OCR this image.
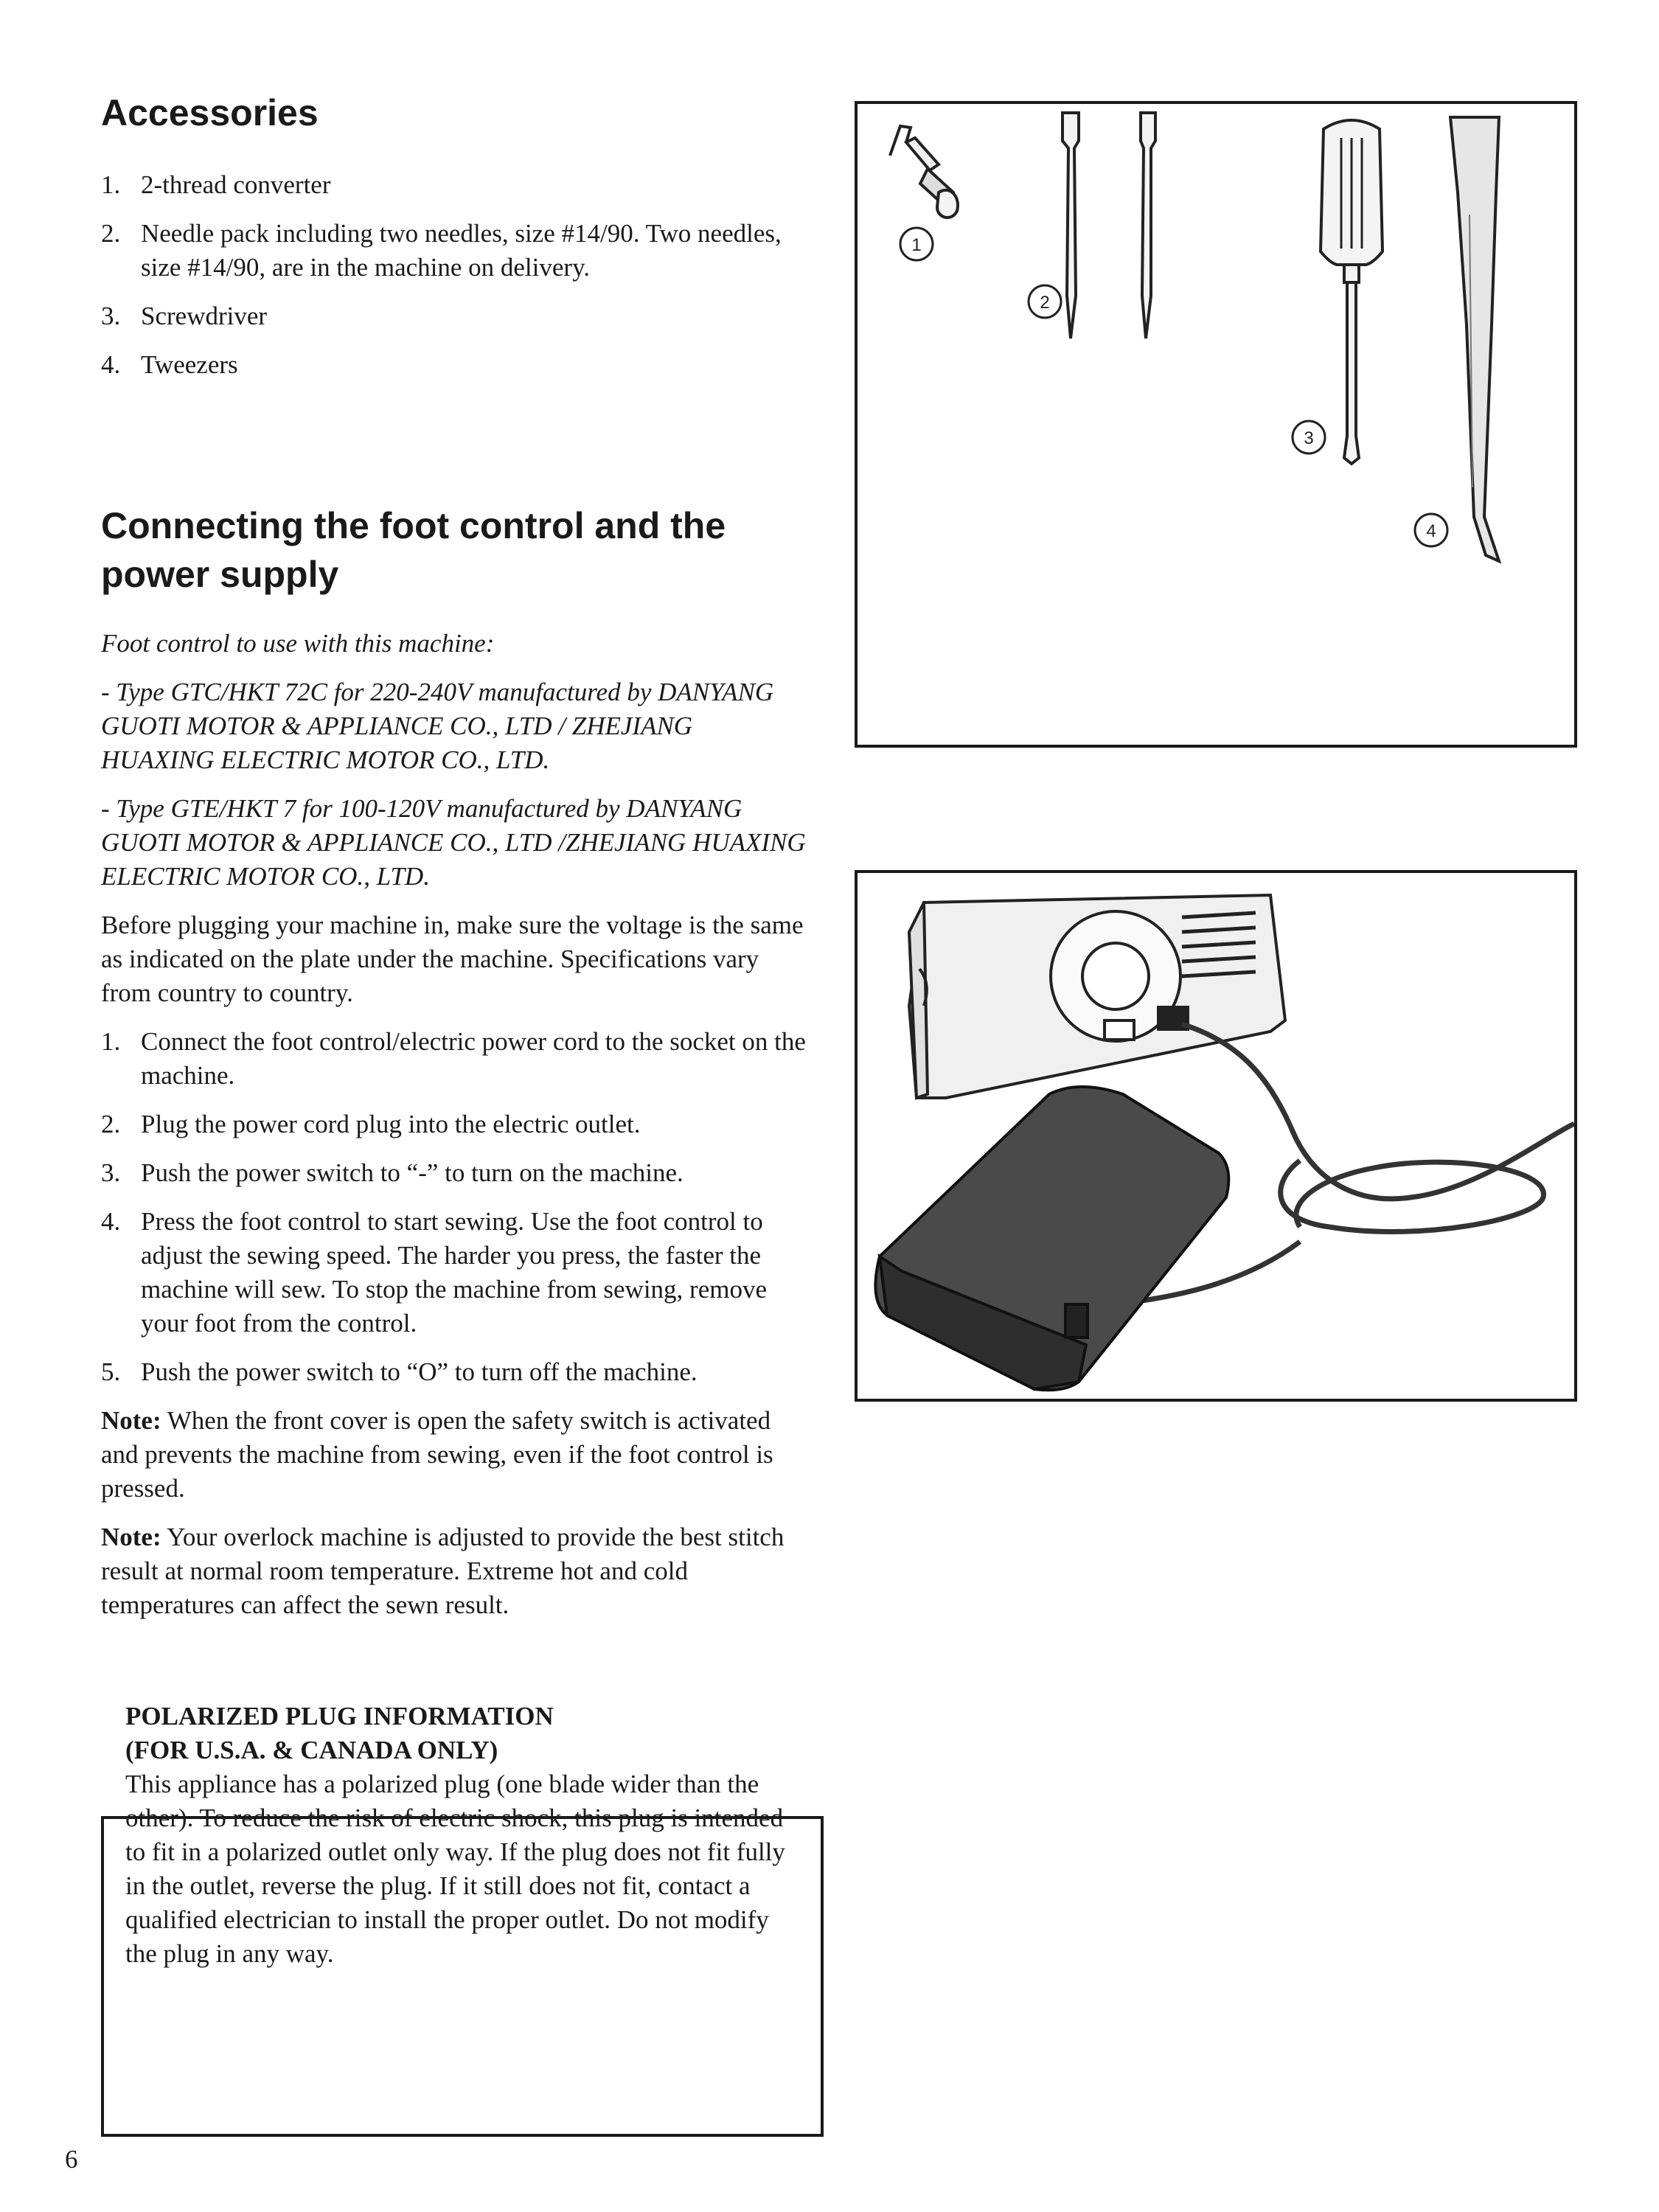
Accessories
1. 2-thread converter
2. Needle pack including two needles, size #14/90. Two needles, size #14/90, are in the machine on delivery.
3. Screwdriver
4. Tweezers
1
2
3
4
Connecting the foot control and the power supply

Foot control to use with this machine:

- Type GTC/HKT 72C for 220-240V manufactured by DANYANG GUOTI MOTOR & APPLIANCE CO., LTD / ZHEJIANG HUAXING ELECTRIC MOTOR CO., LTD.

- Type GTE/HKT 7 for 100-120V manufactured by DANYANG GUOTI MOTOR & APPLIANCE CO., LTD /ZHEJIANG HUAXING ELECTRIC MOTOR CO., LTD.

Before plugging your machine in, make sure the voltage is the same as indicated on the plate under the machine. Specifications vary from country to country.

1. Connect the foot control/electric power cord to the socket on the machine.
2. Plug the power cord plug into the electric outlet.
3. Push the power switch to “-” to turn on the machine.
4. Press the foot control to start sewing. Use the foot control to adjust the sewing speed. The harder you press, the faster the machine will sew. To stop the machine from sewing, remove your foot from the control.
5. Push the power switch to “O” to turn off the machine.

Note: When the front cover is open the safety switch is activated and prevents the machine from sewing, even if the foot control is pressed.

Note: Your overlock machine is adjusted to provide the best stitch result at normal room temperature. Extreme hot and cold temperatures can affect the sewn result.

POLARIZED PLUG INFORMATION

(FOR U.S.A. & CANADA ONLY)

This appliance has a polarized plug (one blade wider than the other). To reduce the risk of electric shock, this plug is intended to fit in a polarized outlet only way. If the plug does not fit fully in the outlet, reverse the plug. If it still does not fit, contact a qualified electrician to install the proper outlet. Do not modify the plug in any way.

6
